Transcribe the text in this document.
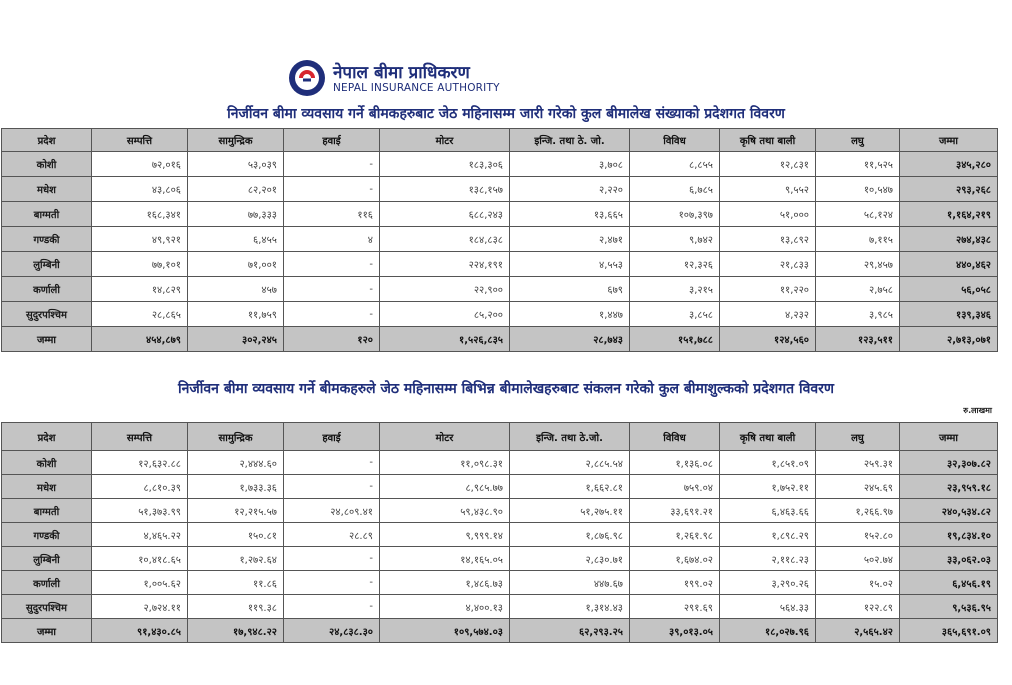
नेपाल बीमा प्राधिकरण
NEPAL INSURANCE AUTHORITY
निर्जीवन बीमा व्यवसाय गर्ने बीमकहरुबाट जेठ महिनासम्म जारी गरेको कुल बीमालेख संख्याको प्रदेशगत विवरण
प्रदेश	सम्पत्ति	सामुन्द्रिक	हवाई	मोटर	इन्जि. तथा ठे. जो.	विविध	कृषि तथा बाली	लघु	जम्मा
कोशी	७२,०१६	५३,०३९	-	१८३,३०६	३,७०८	८,८५५	१२,८३१	११,५२५	३४५,२८०
मधेश	४३,८०६	८२,२०१	-	१३८,१५७	२,२२०	६,७८५	९,५५२	१०,५४७	२९३,२६८
बाग्मती	१६८,३४१	७७,३३३	११६	६८८,२४३	१३,६६५	१०७,३९७	५१,०००	५८,१२४	१,१६४,२१९
गण्डकी	४९,९२१	६,४५५	४	१८४,८३८	२,४७१	९,७४२	१३,८९२	७,११५	२७४,४३८
लुम्बिनी	७७,१०१	७१,००१	-	२२४,१९१	४,५५३	१२,३२६	२१,८३३	२९,४५७	४४०,४६२
कर्णाली	१४,८२९	४५७	-	२२,९००	६७९	३,२१५	११,२२०	२,७५८	५६,०५८
सुदुरपश्चिम	२८,८६५	११,७५९	-	८५,२००	१,४४७	३,८५८	४,२३२	३,९८५	१३९,३४६
जम्मा	४५४,८७९	३०२,२४५	१२०	१,५२६,८३५	२८,७४३	१५१,७८८	१२४,५६०	१२३,५११	२,७१३,०७१
निर्जीवन बीमा व्यवसाय गर्ने बीमकहरुले जेठ महिनासम्म बिभिन्न बीमालेखहरुबाट संकलन गरेको कुल बीमाशुल्कको प्रदेशगत विवरण
रु.लाखमा
प्रदेश	सम्पत्ति	सामुन्द्रिक	हवाई	मोटर	इन्जि. तथा ठे.जो.	विविध	कृषि तथा बाली	लघु	जम्मा
कोशी	१२,६३२.८८	२,४४४.६०	-	११,०९८.३१	२,८८५.५४	१,१३६.०८	१,८५१.०९	२५९.३१	३२,३०७.८२
मधेश	८,८१०.३९	१,७३३.३६	-	८,९८५.७७	१,६६२.८१	७५९.०४	१,७५२.११	२४५.६९	२३,९५९.१८
बाग्मती	५१,३७३.९९	१२,२१५.५७	२४,८०९.४१	५९,४३८.९०	५१,२७५.११	३३,६९१.२१	६,४६३.६६	१,२६६.९७	२४०,५३४.८२
गण्डकी	४,४६५.२२	१५०.८१	२८.८९	९,९९९.१४	१,८७६.९८	१,२६१.९८	१,८९८.२९	१५२.८०	१९,८३४.१०
लुम्बिनी	१०,४१८.६५	१,२७२.६४	-	१४,१६५.०५	२,८३०.७१	१,६७४.०२	२,११८.२३	५०२.७४	३३,०६२.०३
कर्णाली	१,००५.६२	११.८६	-	१,४८६.७३	४४७.६७	१९९.०२	३,२९०.२६	१५.०२	६,४५६.१९
सुदुरपश्चिम	२,७२४.११	११९.३८	-	४,४००.१३	१,३१४.४३	२९१.६९	५६४.३३	१२२.८९	९,५३६.९५
जम्मा	९१,४३०.८५	१७,९४८.२२	२४,८३८.३०	१०९,५७४.०३	६२,२९३.२५	३९,०१३.०५	१८,०२७.९६	२,५६५.४२	३६५,६९१.०९
